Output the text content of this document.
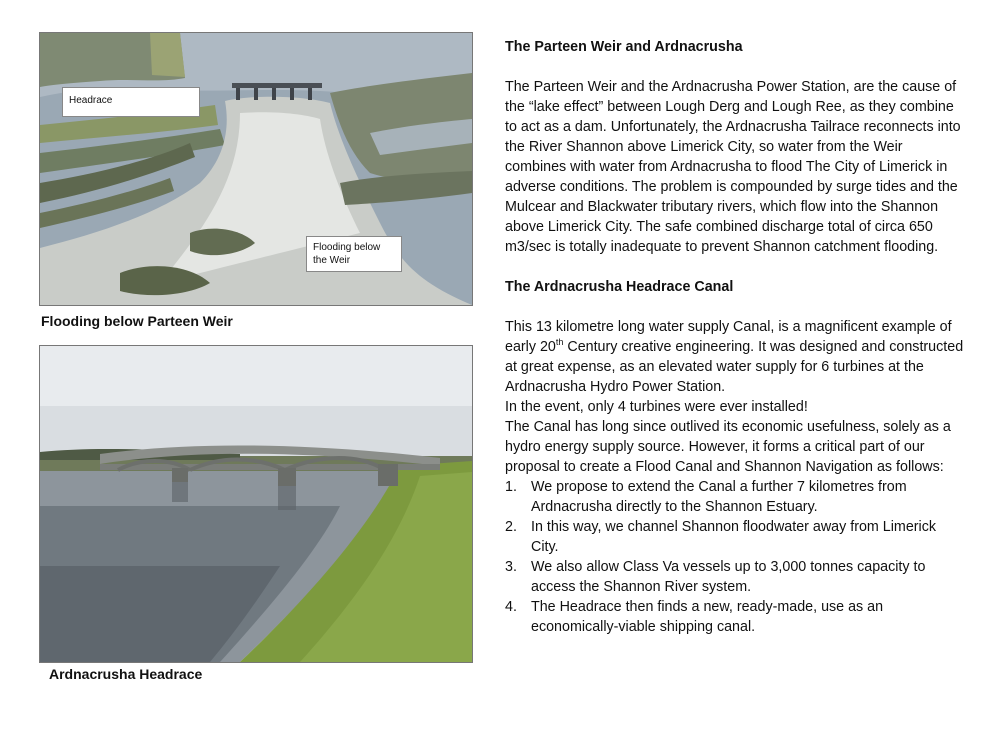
Headrace
Flooding below the Weir
Flooding below Parteen Weir
Ardnacrusha Headrace
The Parteen Weir and Ardnacrusha

The Parteen Weir and the Ardnacrusha Power Station, are the cause of the “lake effect” between Lough Derg and Lough Ree, as they combine to act as a dam. Unfortunately, the Ardnacrusha Tailrace reconnects into the River Shannon above Limerick City, so water from the Weir combines with water from Ardnacrusha to flood The City of Limerick in adverse conditions. The problem is compounded by surge tides and the Mulcear and Blackwater tributary rivers, which flow into the Shannon above Limerick City. The safe combined discharge total of circa 650 m3/sec is totally inadequate to prevent Shannon catchment flooding.

The Ardnacrusha Headrace Canal

This 13 kilometre long water supply Canal, is a magnificent example of early 20th Century creative engineering. It was designed and constructed at great expense, as an elevated water supply for 6 turbines at the Ardnacrusha Hydro Power Station.

In the event, only 4 turbines were ever installed!

The Canal has long since outlived its economic usefulness, solely as a hydro energy supply source. However, it forms a critical part of our proposal to create a Flood Canal and Shannon Navigation as follows:

1. We propose to extend the Canal a further 7 kilometres from Ardnacrusha directly to the Shannon Estuary.
2. In this way, we channel Shannon floodwater away from Limerick City.
3. We also allow Class Va vessels up to 3,000 tonnes capacity to access the Shannon River system.
4. The Headrace then finds a new, ready-made, use as an economically-viable shipping canal.
